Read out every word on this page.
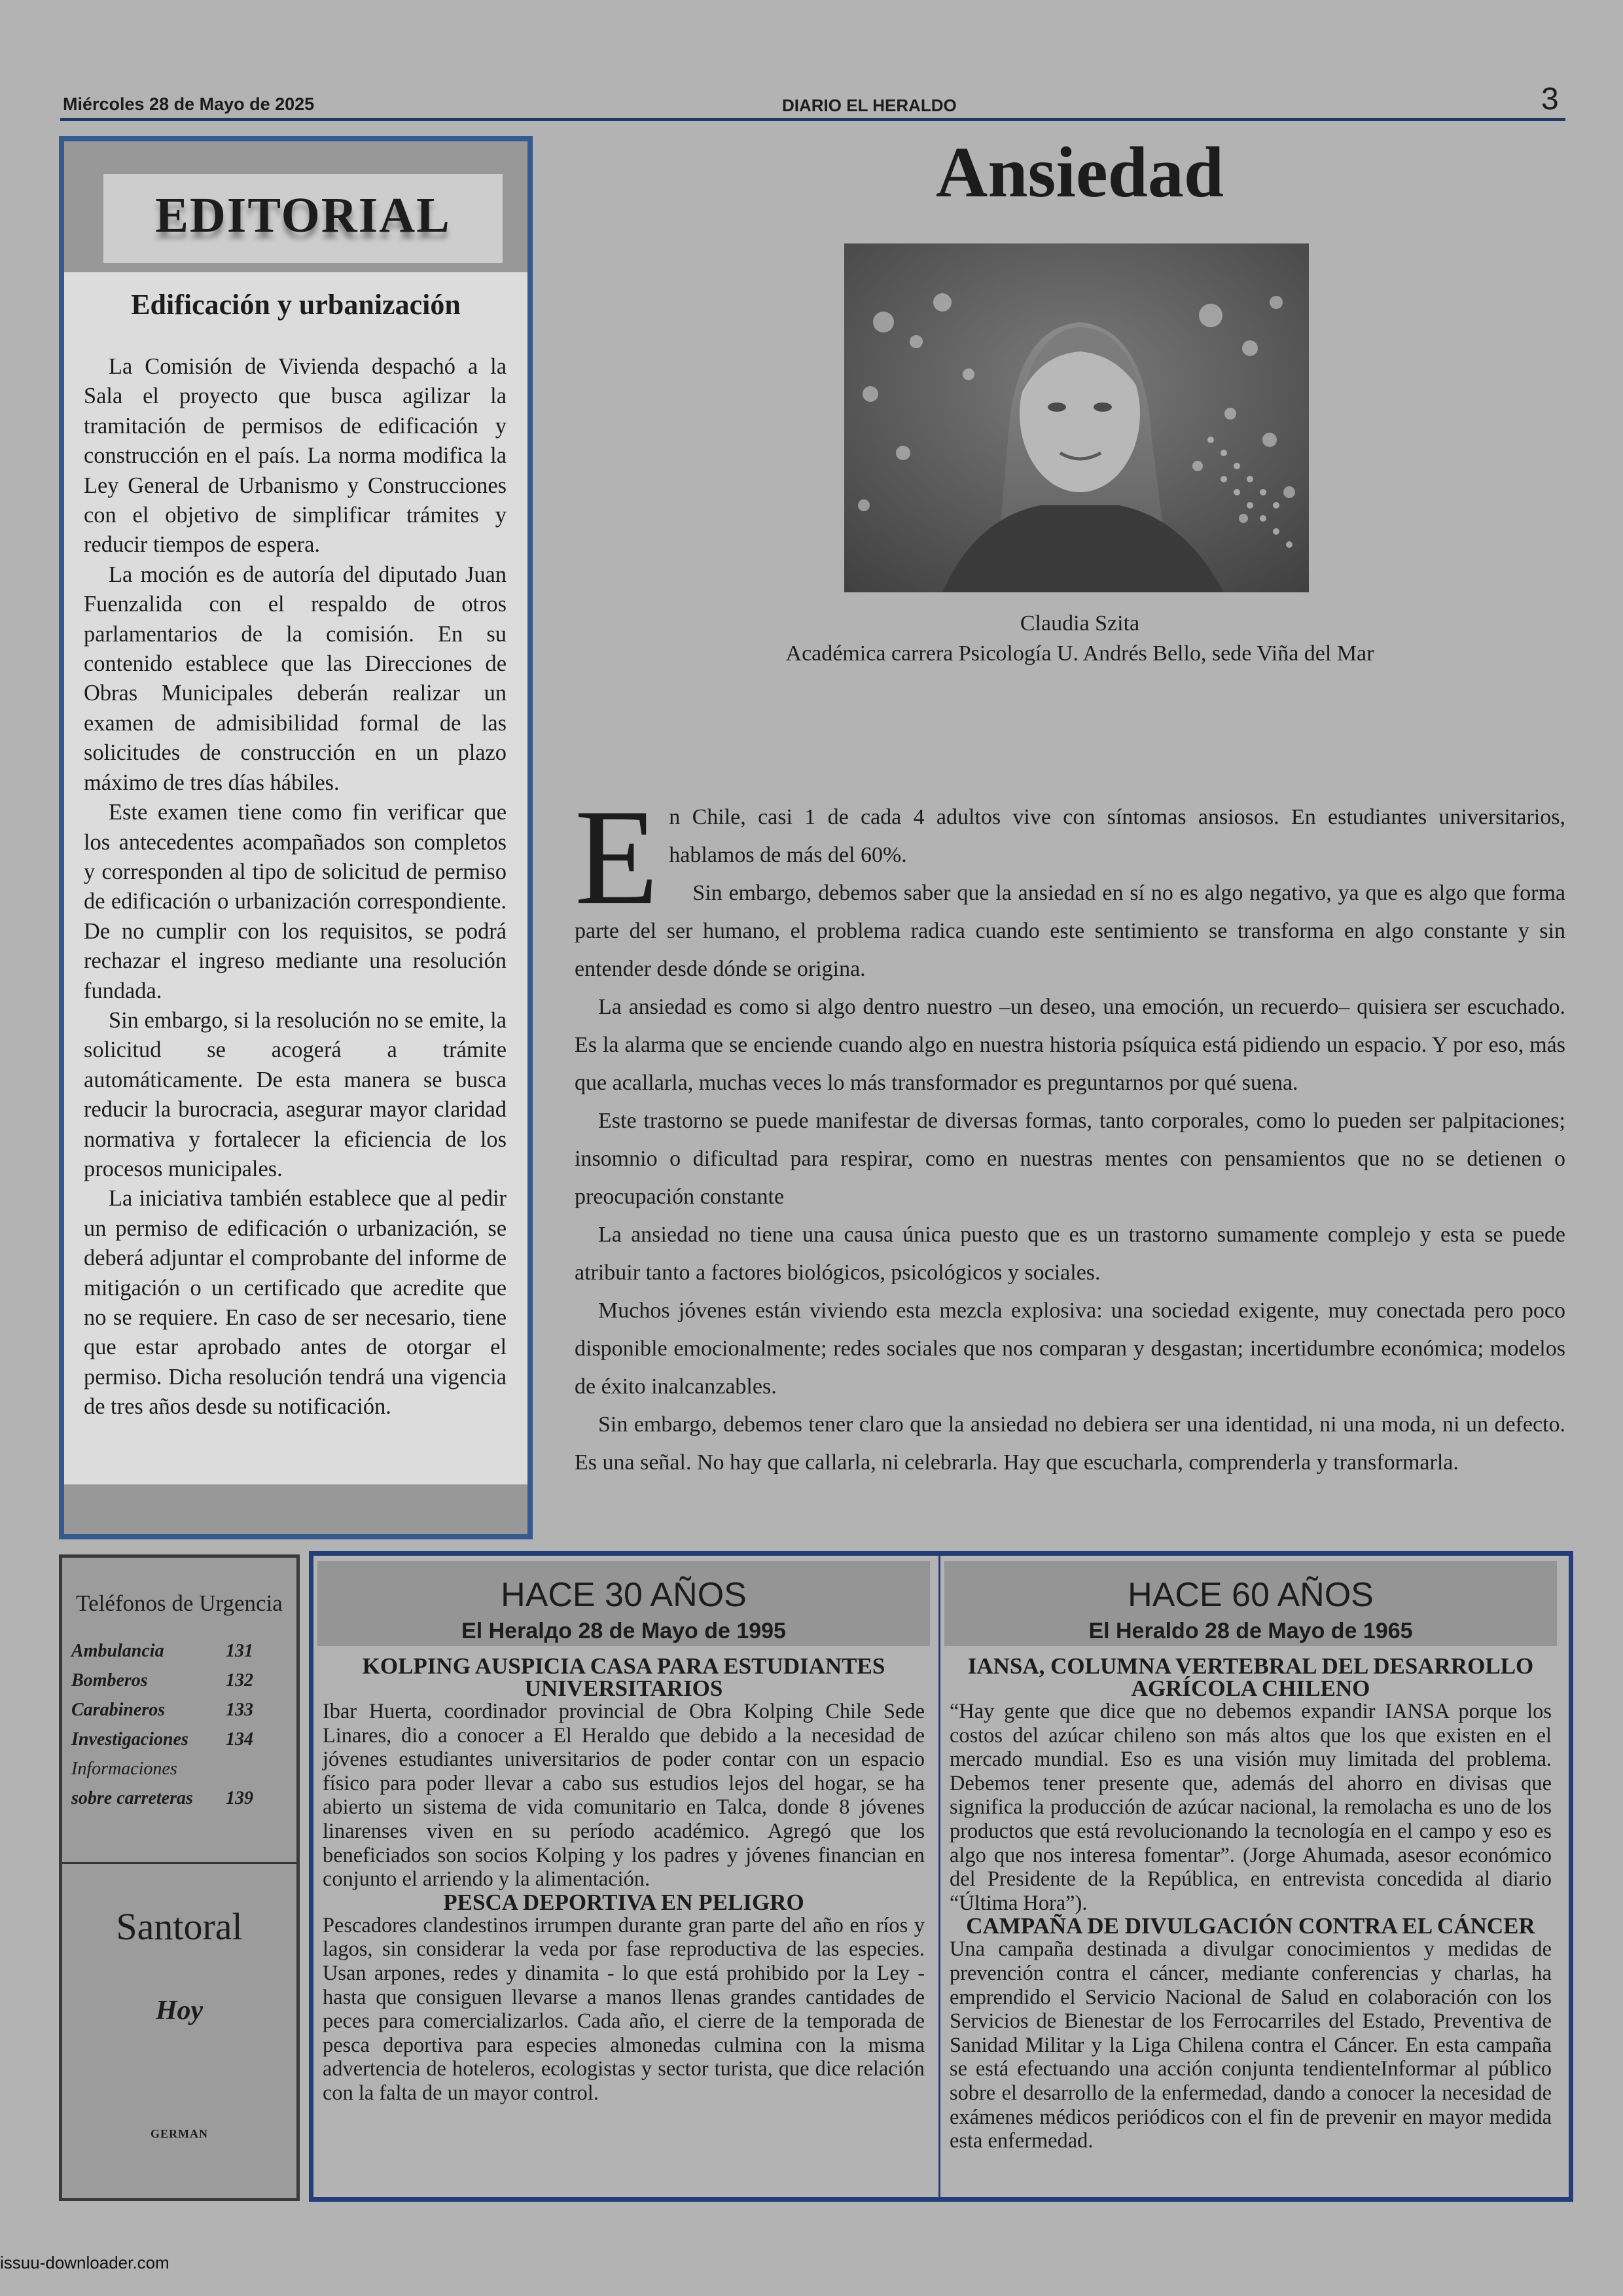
Miércoles 28 de Mayo de 2025	DIARIO EL HERALDO	3
EDITORIAL
Edificación y urbanización

La Comisión de Vivienda despachó a la Sala el proyecto que busca agilizar la tramitación de permisos de edificación y construcción en el país. La norma modifica la Ley General de Urbanismo y Construcciones con el objetivo de simplificar trámites y reducir tiempos de espera.

La moción es de autoría del diputado Juan Fuenzalida con el respaldo de otros parlamentarios de la comisión. En su contenido establece que las Direcciones de Obras Municipales deberán realizar un examen de admisibilidad formal de las solicitudes de construcción en un plazo máximo de tres días hábiles.

Este examen tiene como fin verificar que los antecedentes acompañados son completos y corresponden al tipo de solicitud de permiso de edificación o urbanización correspondiente. De no cumplir con los requisitos, se podrá rechazar el ingreso mediante una resolución fundada.

Sin embargo, si la resolución no se emite, la solicitud se acogerá a trámite automáticamente. De esta manera se busca reducir la burocracia, asegurar mayor claridad normativa y fortalecer la eficiencia de los procesos municipales.

La iniciativa también establece que al pedir un permiso de edificación o urbanización, se deberá adjuntar el comprobante del informe de mitigación o un certificado que acredite que no se requiere. En caso de ser necesario, tiene que estar aprobado antes de otorgar el permiso. Dicha resolución tendrá una vigencia de tres años desde su notificación.

Ansiedad
Claudia Szita
Académica carrera Psicología U. Andrés Bello, sede Viña del Mar

En Chile, casi 1 de cada 4 adultos vive con síntomas ansiosos. En estudiantes universitarios, hablamos de más del 60%.

Sin embargo, debemos saber que la ansiedad en sí no es algo negativo, ya que es algo que forma parte del ser humano, el problema radica cuando este sentimiento se transforma en algo constante y sin entender desde dónde se origina.

La ansiedad es como si algo dentro nuestro –un deseo, una emoción, un recuerdo– quisiera ser escuchado. Es la alarma que se enciende cuando algo en nuestra historia psíquica está pidiendo un espacio. Y por eso, más que acallarla, muchas veces lo más transformador es preguntarnos por qué suena.

Este trastorno se puede manifestar de diversas formas, tanto corporales, como lo pueden ser palpitaciones; insomnio o dificultad para respirar, como en nuestras mentes con pensamientos que no se detienen o preocupación constante

La ansiedad no tiene una causa única puesto que es un trastorno sumamente complejo y esta se puede atribuir tanto a factores biológicos, psicológicos y sociales.

Muchos jóvenes están viviendo esta mezcla explosiva: una sociedad exigente, muy conectada pero poco disponible emocionalmente; redes sociales que nos comparan y desgastan; incertidumbre económica; modelos de éxito inalcanzables.

Sin embargo, debemos tener claro que la ansiedad no debiera ser una identidad, ni una moda, ni un defecto. Es una señal. No hay que callarla, ni celebrarla. Hay que escucharla, comprenderla y transformarla.

Teléfonos de Urgencia
Ambulancia	131
Bomberos	132
Carabineros	133
Investigaciones	134
Informaciones
sobre carreteras	139
Santoral
Hoy
GERMAN
HACE 30 AÑOS
El Heralдо 28 de Mayo de 1995
KOLPING AUSPICIA CASA PARA ESTUDIANTES UNIVERSITARIOS

Ibar Huerta, coordinador provincial de Obra Kolping Chile Sede Linares, dio a conocer a El Heraldo que debido a la necesidad de jóvenes estudiantes universitarios de poder contar con un espacio físico para poder llevar a cabo sus estudios lejos del hogar, se ha abierto un sistema de vida comunitario en Talca, donde 8 jóvenes linarenses viven en su período académico. Agregó que los beneficiados son socios Kolping y los padres y jóvenes financian en conjunto el arriendo y la alimentación.

PESCA DEPORTIVA EN PELIGRO

Pescadores clandestinos irrumpen durante gran parte del año en ríos y lagos, sin considerar la veda por fase reproductiva de las especies. Usan arpones, redes y dinamita - lo que está prohibido por la Ley - hasta que consiguen llevarse a manos llenas grandes cantidades de peces para comercializarlos. Cada año, el cierre de la temporada de pesca deportiva para especies almonedas culmina con la misma advertencia de hoteleros, ecologistas y sector turista, que dice relación con la falta de un mayor control.

HACE 60 AÑOS
El Heraldo 28 de Mayo de 1965
IANSA, COLUMNA VERTEBRAL DEL DESARROLLO AGRÍCOLA CHILENO

“Hay gente que dice que no debemos expandir IANSA porque los costos del azúcar chileno son más altos que los que existen en el mercado mundial. Eso es una visión muy limitada del problema. Debemos tener presente que, además del ahorro en divisas que significa la producción de azúcar nacional, la remolacha es uno de los productos que está revolucionando la tecnología en el campo y eso es algo que nos interesa fomentar”. (Jorge Ahumada, asesor económico del Presidente de la República, en entrevista concedida al diario “Última Hora”).

CAMPAÑA DE DIVULGACIÓN CONTRA EL CÁNCER

Una campaña destinada a divulgar conocimientos y medidas de prevención contra el cáncer, mediante conferencias y charlas, ha emprendido el Servicio Nacional de Salud en colaboración con los Servicios de Bienestar de los Ferrocarriles del Estado, Preventiva de Sanidad Militar y la Liga Chilena contra el Cáncer. En esta campaña se está efectuando una acción conjunta tendienteInformar al público sobre el desarrollo de la enfermedad, dando a conocer la necesidad de exámenes médicos periódicos con el fin de prevenir en mayor medida esta enfermedad.

issuu-downloader.com
